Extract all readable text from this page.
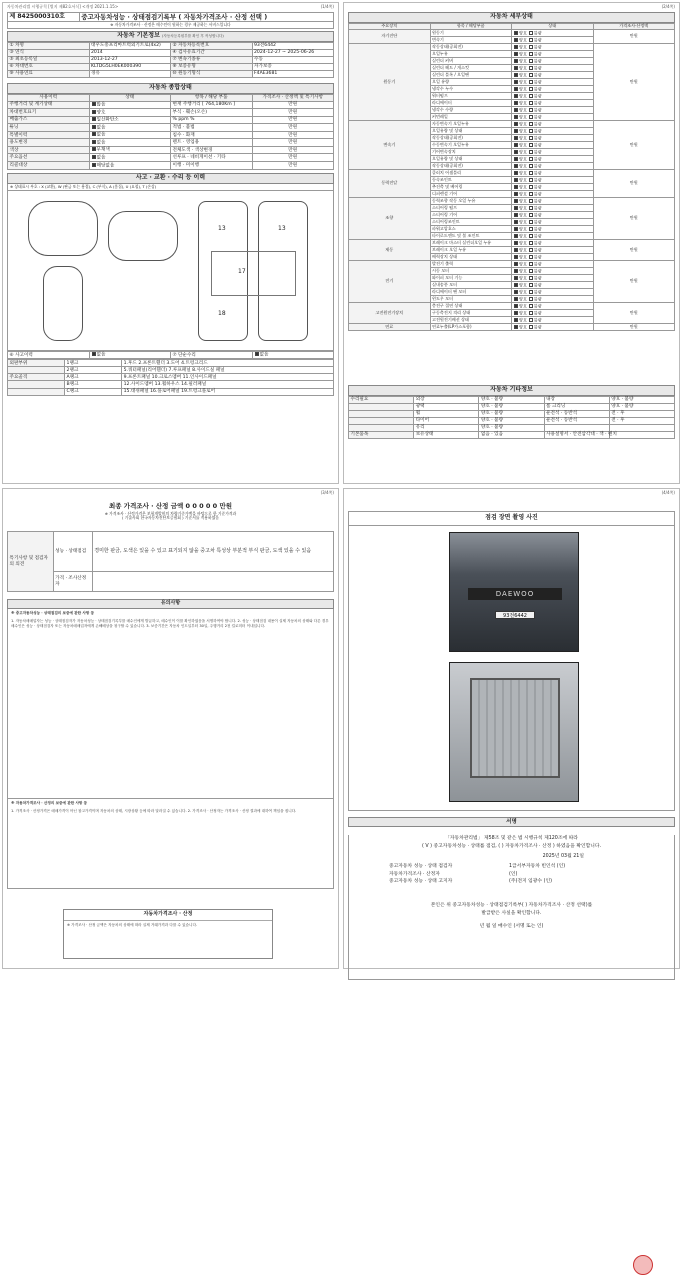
자동차관리법 시행규칙 [별지 제82호서식] <개정 2021.1.15>	(1/4쪽)
제 8425000310호	중고자동차성능 · 상태점검기록부 ( 자동차가격조사 · 산정 선택 )
※ 자동차가격조사 · 산정은 매수인이 원하는 경우 제공하는 서비스입니다
자동차 기본정보 (자동차등록원부를 확인 후 작성합니다)
① 차명	대우도흥프리마트럭외기트로(4x2)	② 자동차등록번호	93전6442
③ 연식	2014	④ 검사유효기간	2024-12-27 ~ 2025-06-26
⑤ 최초등록일	2013-12-27	⑦ 변속기종류	수동
⑥ 차대번호	KLTDG5LH0EK000390	⑧ 보증유형	자가보증
⑨ 사용연료	경유	⑩ 원동기형식	F4AE3681
자동차 종합상태
사용이력	상태	항목 / 해당 부품	가격조사 · 산정액 및 특기사항
주행거리 및 계기상태	많음	현재 주행거리 [ 764,180Km ]	만원
차대번호표기	양호	부식 · 훼손(오손)	만원
배출가스	일산화탄소	% ppm %	만원
튜닝	없음	적법 · 불법	만원
특별이력	없음	침수 · 화재	만원
용도변경	없음	렌트 · 영업용	만원
색상	무채색	전체도색 · 색상변경	만원
주요옵션	없음	선루프 · 네비게이션 · 기타	만원
리콜대상	해당없음	이행 · 미이행	만원
사고 · 교환 · 수리 등 이력
※ 상태표시 부호 : X (교환), W (판금 또는 용접), C (부식), A (흠집), U (요철), T (손상)
17
13	13
18
⑥ 사고이력	없음	⑦ 단순수리	없음
외판부위	1랭크	1.후드 2.프론트휀더 3.도어 4.트렁크리드
	2랭크	5.쿼터패널(리어휀더) 7.루프패널 8.사이드실 패널
주요골격	A랭크	9.프론트패널 10.크로스멤버 11.인사이드패널
	B랭크	12.사이드멤버 13.휠하우스 14.필러패널
	C랭크	15.대쉬패널 16.플로어패널 19.트렁크플로어
(2/4쪽)
자동차 세부상태
주요장치	항목 / 해당부품	상태	가격조사·산정액
자기진단	원동기	양호 불량	만원
	변속기	양호 불량	
원동기	작동상태(공회전)	양호 불량	만원
	오일누유	양호 불량	
	실린더 커버	양호 불량	
	실린더 헤드 / 개스킷	양호 불량	
	실린더 블록 / 오일팬	양호 불량	
	오일 유량	양호 불량	
	냉각수 누수	양호 불량	
	워터펌프	양호 불량	
	라디에이터	양호 불량	
	냉각수 수량	양호 불량	
	커먼레일	양호 불량	
변속기	자동변속기 오일누유	양호 불량	만원
	오일유량 및 상태	양호 불량	
	작동상태(공회전)	양호 불량	
	수동변속기 오일누유	양호 불량	
	기어변속장치	양호 불량	
	오일유량 및 상태	양호 불량	
	작동상태(공회전)	양호 불량	
동력전달	클러치 어셈블리	양호 불량	만원
	등속조인트	양호 불량	
	추진축 및 베어링	양호 불량	
	디퍼렌셜 기어	양호 불량	
조향	동력조향 작동 오일 누유	양호 불량	만원
	스티어링 펌프	양호 불량	
	스티어링 기어	양호 불량	
	스티어링조인트	양호 불량	
	파워고압호스	양호 불량	
	타이로드엔드 및 볼 조인트	양호 불량	
제동	브레이크 마스터 실린더오일 누유	양호 불량	만원
	브레이크 오일 누유	양호 불량	
	배력장치 상태	양호 불량	
전기	발전기 출력	양호 불량	만원
	시동 모터	양호 불량	
	와이퍼 모터 기능	양호 불량	
	실내송풍 모터	양호 불량	
	라디에이터 팬 모터	양호 불량	
	윈도우 모터	양호 불량	
고전원전기장치	충전구 절연 상태	양호 불량	만원
	구동축전지 격리 상태	양호 불량	
	고전원전기배선 상태	양호 불량	
연료	연료누출(LP가스포함)	양호 불량	만원
자동차 기타정보
수리필요	외장	양호 · 불량	내장	양호 · 불량
	광택	양호 · 불량	룸 크리닝	양호 · 불량
	휠	양호 · 불량	운전석 · 동반석	전 · 후
	타이어	양호 · 불량	운전석 · 동반석	전 · 후
	유리	양호 · 불량		
기본품목	보유상태	없음 · 있음	사용설명서 · 안전삼각대 · 잭 · 렌치	
(3/4쪽)
최종 가격조사 · 산정 금액 0 0 0 0 0 만원
※ 가격조사 · 산정가격은 보험개발원의 차량기준가액을 바탕으로 한 기준가격과
( 기술사회 한국자동차진단보증협회 ) 기준서를 적용하였음
특기사항 및 점검자의 의견	성능 · 상태점검	경미한 판금, 도색은 있을 수 있고 표기되지 않을 중고차 특성상 부분적 부식 판금, 도색 있을 수 있음
	가격 · 조사산정자	
유의사항
※ 중고자동차성능 · 상태점검의 보증에 관한 사항 등
1. 자동차매매업자는 성능 · 상태점검자가 자동차성능 · 상태점검기록부를 매수인에게 발급하고, 매수인이 이를 확인하였음을 서명하여야 합니다. 2. 성능 · 상태점검 내용이 실제 자동차의 상태와 다른 경우 매수인은 성능 · 상태점검자 또는 자동차매매업자에게 손해배상을 청구할 수 있습니다. 3. 보증기간은 자동차 인도일부터 30일, 주행거리 2천 킬로미터 이내입니다.
※ 자동차가격조사 · 산정의 보증에 관한 사항 등
1. 가격조사 · 산정가격은 매매가격이 아닌 참고가격이며 자동차의 상태, 시장상황 등에 따라 달라질 수 있습니다. 2. 가격조사 · 산정자는 가격조사 · 산정 결과에 대하여 책임을 집니다.
자동차가격조사 · 산정
※ 가격조사 · 산정 금액은 자동차의 상태에 따라 실제 거래가격과 다를 수 있습니다.
(4/4쪽)
점검 장면 촬영 사진
DAEWOO
93전6442
서명
「자동차관리법」 제58조 및 같은 법 시행규칙 제120조에 따라
( V ) 중고자동차성능 · 상태를 점검, ( ) 자동차가격조사 · 산정 ) 하였음을 확인합니다.
2025년 03월 21일
중고자동차 성능 · 상태 점검자	1급서부자동차 빈인석 (인)
자동차가격조사 · 산정자	(인)
중고자동차 성능 · 상태 고지자	(주)전지 임광수 (인)
본인은 위 중고자동차성능 · 상태점검기록부( ) 자동차가격조사 · 산정 선택)를
발급받은 사실을 확인합니다.
년 월 일 매수인 (서명 또는 인)
